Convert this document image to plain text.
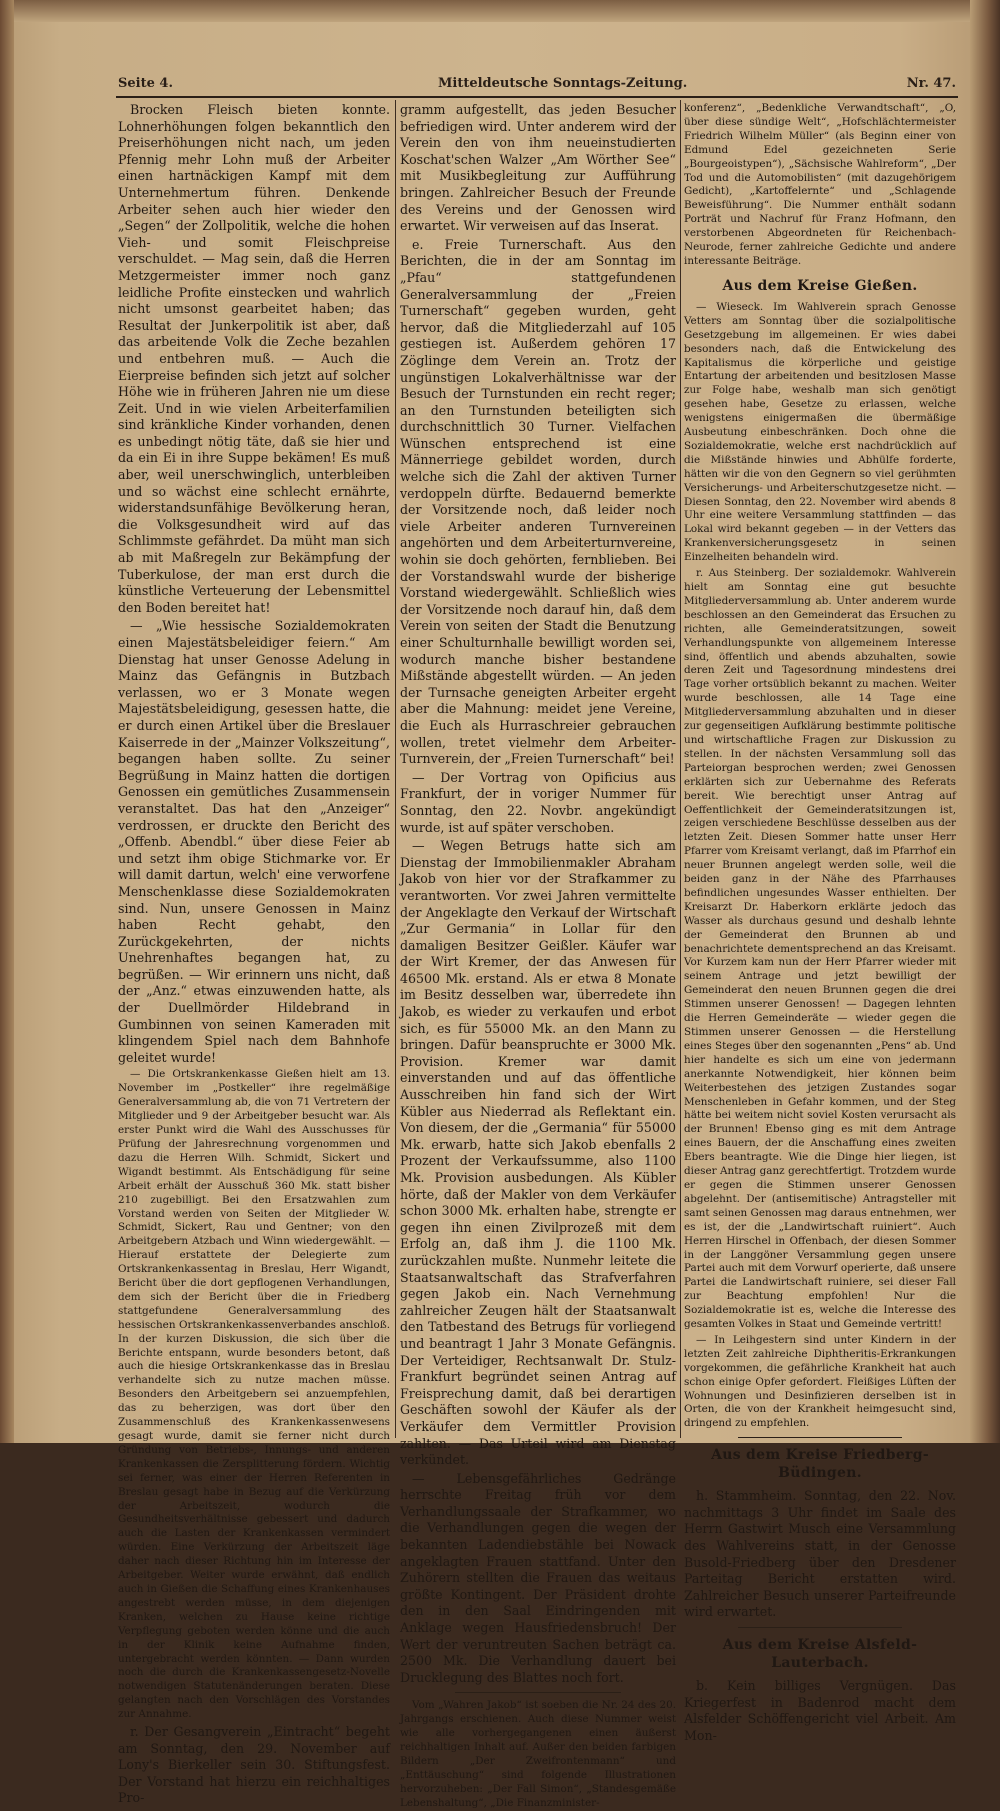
Seite 4.	Mitteldeutsche Sonntags-Zeitung.	Nr. 47.

Brocken Fleisch bieten konnte. Lohnerhöhungen folgen bekanntlich den Preiserhöhungen nicht nach, um jeden Pfennig mehr Lohn muß der Arbeiter einen hartnäckigen Kampf mit dem Unternehmertum führen. Denkende Arbeiter sehen auch hier wieder den „Segen“ der Zollpolitik, welche die hohen Vieh- und somit Fleischpreise verschuldet. — Mag sein, daß die Herren Metzgermeister immer noch ganz leidliche Profite einstecken und wahrlich nicht umsonst gearbeitet haben; das Resultat der Junkerpolitik ist aber, daß das arbeitende Volk die Zeche bezahlen und entbehren muß. — Auch die Eierpreise befinden sich jetzt auf solcher Höhe wie in früheren Jahren nie um diese Zeit. Und in wie vielen Arbeiterfamilien sind kränkliche Kinder vorhanden, denen es unbedingt nötig täte, daß sie hier und da ein Ei in ihre Suppe bekämen! Es muß aber, weil unerschwinglich, unterbleiben und so wächst eine schlecht ernährte, widerstandsunfähige Bevölkerung heran, die Volksgesundheit wird auf das Schlimmste gefährdet. Da müht man sich ab mit Maßregeln zur Bekämpfung der Tuberkulose, der man erst durch die künstliche Verteuerung der Lebensmittel den Boden bereitet hat!

— „Wie hessische Sozialdemokraten einen Majestätsbeleidiger feiern.“ Am Dienstag hat unser Genosse Adelung in Mainz das Gefängnis in Butzbach verlassen, wo er 3 Monate wegen Majestätsbeleidigung, gesessen hatte, die er durch einen Artikel über die Breslauer Kaiserrede in der „Mainzer Volkszeitung“, begangen haben sollte. Zu seiner Begrüßung in Mainz hatten die dortigen Genossen ein gemütliches Zusammensein veranstaltet. Das hat den „Anzeiger“ verdrossen, er druckte den Bericht des „Offenb. Abendbl.“ über diese Feier ab und setzt ihm obige Stichmarke vor. Er will damit dartun, welch' eine verworfene Menschenklasse diese Sozialdemokraten sind. Nun, unsere Genossen in Mainz haben Recht gehabt, den Zurückgekehrten, der nichts Unehrenhaftes begangen hat, zu begrüßen. — Wir erinnern uns nicht, daß der „Anz.“ etwas einzuwenden hatte, als der Duellmörder Hildebrand in Gumbinnen von seinen Kameraden mit klingendem Spiel nach dem Bahnhofe geleitet wurde!

— Die Ortskrankenkasse Gießen hielt am 13. November im „Postkeller“ ihre regelmäßige Generalversammlung ab, die von 71 Vertretern der Mitglieder und 9 der Arbeitgeber besucht war. Als erster Punkt wird die Wahl des Ausschusses für Prüfung der Jahresrechnung vorgenommen und dazu die Herren Wilh. Schmidt, Sickert und Wigandt bestimmt. Als Entschädigung für seine Arbeit erhält der Ausschuß 360 Mk. statt bisher 210 zugebilligt. Bei den Ersatzwahlen zum Vorstand werden von Seiten der Mitglieder W. Schmidt, Sickert, Rau und Gentner; von den Arbeitgebern Atzbach und Winn wiedergewählt. — Hierauf erstattete der Delegierte zum Ortskrankenkassentag in Breslau, Herr Wigandt, Bericht über die dort gepflogenen Verhandlungen, dem sich der Bericht über die in Friedberg stattgefundene Generalversammlung des hessischen Ortskrankenkassenverbandes anschloß. In der kurzen Diskussion, die sich über die Berichte entspann, wurde besonders betont, daß auch die hiesige Ortskrankenkasse das in Breslau verhandelte sich zu nutze machen müsse. Besonders den Arbeitgebern sei anzuempfehlen, das zu beherzigen, was dort über den Zusammenschluß des Krankenkassenwesens gesagt wurde, damit sie ferner nicht durch Gründung von Betriebs-, Innungs- und anderen Krankenkassen die Zersplitterung fördern. Wichtig sei ferner, was einer der Herren Referenten in Breslau gesagt habe in Bezug auf die Verkürzung der Arbeitszeit, wodurch die Gesundheitsverhältnisse gebessert und dadurch auch die Lasten der Krankenkassen vermindert würden. Eine Verkürzung der Arbeitszeit läge daher nach dieser Richtung hin im Interesse der Arbeitgeber. Weiter wurde erwähnt, daß endlich auch in Gießen die Schaffung eines Krankenhauses angestrebt werden müsse, in dem diejenigen Kranken, welchen zu Hause keine richtige Verpflegung geboten werden könne und die auch in der Klinik keine Aufnahme finden, untergebracht werden könnten. — Dann wurden noch die durch die Krankenkassengesetz-Novelle notwendigen Statutenänderungen beraten. Diese gelangten nach den Vorschlägen des Vorstandes zur Annahme.

r. Der Gesangverein „Eintracht“ begeht am Sonntag, den 29. November auf Lony's Bierkeller sein 30. Stiftungsfest. Der Vorstand hat hierzu ein reichhaltiges Pro-

gramm aufgestellt, das jeden Besucher befriedigen wird. Unter anderem wird der Verein den von ihm neueinstudierten Koschat'schen Walzer „Am Wörther See“ mit Musikbegleitung zur Aufführung bringen. Zahlreicher Besuch der Freunde des Vereins und der Genossen wird erwartet. Wir verweisen auf das Inserat.

e. Freie Turnerschaft. Aus den Berichten, die in der am Sonntag im „Pfau“ stattgefundenen Generalversammlung der „Freien Turnerschaft“ gegeben wurden, geht hervor, daß die Mitgliederzahl auf 105 gestiegen ist. Außerdem gehören 17 Zöglinge dem Verein an. Trotz der ungünstigen Lokalverhältnisse war der Besuch der Turnstunden ein recht reger; an den Turnstunden beteiligten sich durchschnittlich 30 Turner. Vielfachen Wünschen entsprechend ist eine Männerriege gebildet worden, durch welche sich die Zahl der aktiven Turner verdoppeln dürfte. Bedauernd bemerkte der Vorsitzende noch, daß leider noch viele Arbeiter anderen Turnvereinen angehörten und dem Arbeiterturnvereine, wohin sie doch gehörten, fernblieben. Bei der Vorstandswahl wurde der bisherige Vorstand wiedergewählt. Schließlich wies der Vorsitzende noch darauf hin, daß dem Verein von seiten der Stadt die Benutzung einer Schulturnhalle bewilligt worden sei, wodurch manche bisher bestandene Mißstände abgestellt würden. — An jeden der Turnsache geneigten Arbeiter ergeht aber die Mahnung: meidet jene Vereine, die Euch als Hurraschreier gebrauchen wollen, tretet vielmehr dem Arbeiter-Turnverein, der „Freien Turnerschaft“ bei!

— Der Vortrag von Opificius aus Frankfurt, der in voriger Nummer für Sonntag, den 22. Novbr. angekündigt wurde, ist auf später verschoben.

— Wegen Betrugs hatte sich am Dienstag der Immobilienmakler Abraham Jakob von hier vor der Strafkammer zu verantworten. Vor zwei Jahren vermittelte der Angeklagte den Verkauf der Wirtschaft „Zur Germania“ in Lollar für den damaligen Besitzer Geißler. Käufer war der Wirt Kremer, der das Anwesen für 46500 Mk. erstand. Als er etwa 8 Monate im Besitz desselben war, überredete ihn Jakob, es wieder zu verkaufen und erbot sich, es für 55000 Mk. an den Mann zu bringen. Dafür beanspruchte er 3000 Mk. Provision. Kremer war damit einverstanden und auf das öffentliche Ausschreiben hin fand sich der Wirt Kübler aus Niederrad als Reflektant ein. Von diesem, der die „Germania“ für 55000 Mk. erwarb, hatte sich Jakob ebenfalls 2 Prozent der Verkaufssumme, also 1100 Mk. Provision ausbedungen. Als Kübler hörte, daß der Makler von dem Verkäufer schon 3000 Mk. erhalten habe, strengte er gegen ihn einen Zivilprozeß mit dem Erfolg an, daß ihm J. die 1100 Mk. zurückzahlen mußte. Nunmehr leitete die Staatsanwaltschaft das Strafverfahren gegen Jakob ein. Nach Vernehmung zahlreicher Zeugen hält der Staatsanwalt den Tatbestand des Betrugs für vorliegend und beantragt 1 Jahr 3 Monate Gefängnis. Der Verteidiger, Rechtsanwalt Dr. Stulz-Frankfurt begründet seinen Antrag auf Freisprechung damit, daß bei derartigen Geschäften sowohl der Käufer als der Verkäufer dem Vermittler Provision zahlten. — Das Urteil wird am Dienstag verkündet.

— Lebensgefährliches Gedränge herrschte Freitag früh vor dem Verhandlungssaale der Strafkammer, wo die Verhandlungen gegen die wegen der bekannten Ladendiebstähle bei Nowack angeklagten Frauen stattfand. Unter den Zuhörern stellten die Frauen das weitaus größte Kontingent. Der Präsident drohte den in den Saal Eindringenden mit Anklage wegen Hausfriedensbruch! Der Wert der veruntreuten Sachen beträgt ca. 2500 Mk. Die Verhandlung dauert bei Drucklegung des Blattes noch fort.

Vom „Wahren Jakob“ ist soeben die Nr. 24 des 20. Jahrgangs erschienen. Auch diese Nummer weist wie alle vorhergegangenen einen äußerst reichhaltigen Inhalt auf. Außer den beiden farbigen Bildern „Der Zweifrontenmann“ und „Enttäuschung“ sind folgende Illustrationen hervorzuheben: „Der Fall Simon“, „Standesgemäße Lebenshaltung“, „Die Finanzminister-

konferenz“, „Bedenkliche Verwandtschaft“, „O, über diese sündige Welt“, „Hofschlächtermeister Friedrich Wilhelm Müller“ (als Beginn einer von Edmund Edel gezeichneten Serie „Bourgeoistypen“), „Sächsische Wahlreform“, „Der Tod und die Automobilisten“ (mit dazugehörigem Gedicht), „Kartoffelernte“ und „Schlagende Beweisführung“. Die Nummer enthält sodann Porträt und Nachruf für Franz Hofmann, den verstorbenen Abgeordneten für Reichenbach-Neurode, ferner zahlreiche Gedichte und andere interessante Beiträge.

Aus dem Kreise Gießen.

— Wieseck. Im Wahlverein sprach Genosse Vetters am Sonntag über die sozialpolitische Gesetzgebung im allgemeinen. Er wies dabei besonders nach, daß die Entwickelung des Kapitalismus die körperliche und geistige Entartung der arbeitenden und besitzlosen Masse zur Folge habe, weshalb man sich genötigt gesehen habe, Gesetze zu erlassen, welche wenigstens einigermaßen die übermäßige Ausbeutung einbeschränken. Doch ohne die Sozialdemokratie, welche erst nachdrücklich auf die Mißstände hinwies und Abhülfe forderte, hätten wir die von den Gegnern so viel gerühmten Versicherungs- und Arbeiterschutzgesetze nicht. — Diesen Sonntag, den 22. November wird abends 8 Uhr eine weitere Versammlung stattfinden — das Lokal wird bekannt gegeben — in der Vetters das Krankenversicherungsgesetz in seinen Einzelheiten behandeln wird.

r. Aus Steinberg. Der sozialdemokr. Wahlverein hielt am Sonntag eine gut besuchte Mitgliederversammlung ab. Unter anderem wurde beschlossen an den Gemeinderat das Ersuchen zu richten, alle Gemeinderatsitzungen, soweit Verhandlungspunkte von allgemeinem Interesse sind, öffentlich und abends abzuhalten, sowie deren Zeit und Tagesordnung mindestens drei Tage vorher ortsüblich bekannt zu machen. Weiter wurde beschlossen, alle 14 Tage eine Mitgliederversammlung abzuhalten und in dieser zur gegenseitigen Aufklärung bestimmte politische und wirtschaftliche Fragen zur Diskussion zu stellen. In der nächsten Versammlung soll das Parteiorgan besprochen werden; zwei Genossen erklärten sich zur Uebernahme des Referats bereit. Wie berechtigt unser Antrag auf Oeffentlichkeit der Gemeinderatsitzungen ist, zeigen verschiedene Beschlüsse desselben aus der letzten Zeit. Diesen Sommer hatte unser Herr Pfarrer vom Kreisamt verlangt, daß im Pfarrhof ein neuer Brunnen angelegt werden solle, weil die beiden ganz in der Nähe des Pfarrhauses befindlichen ungesundes Wasser enthielten. Der Kreisarzt Dr. Haberkorn erklärte jedoch das Wasser als durchaus gesund und deshalb lehnte der Gemeinderat den Brunnen ab und benachrichtete dementsprechend an das Kreisamt. Vor Kurzem kam nun der Herr Pfarrer wieder mit seinem Antrage und jetzt bewilligt der Gemeinderat den neuen Brunnen gegen die drei Stimmen unserer Genossen! — Dagegen lehnten die Herren Gemeinderäte — wieder gegen die Stimmen unserer Genossen — die Herstellung eines Steges über den sogenannten „Pens“ ab. Und hier handelte es sich um eine von jedermann anerkannte Notwendigkeit, hier können beim Weiterbestehen des jetzigen Zustandes sogar Menschenleben in Gefahr kommen, und der Steg hätte bei weitem nicht soviel Kosten verursacht als der Brunnen! Ebenso ging es mit dem Antrage eines Bauern, der die Anschaffung eines zweiten Ebers beantragte. Wie die Dinge hier liegen, ist dieser Antrag ganz gerechtfertigt. Trotzdem wurde er gegen die Stimmen unserer Genossen abgelehnt. Der (antisemitische) Antragsteller mit samt seinen Genossen mag daraus entnehmen, wer es ist, der die „Landwirtschaft ruiniert“. Auch Herren Hirschel in Offenbach, der diesen Sommer in der Langgöner Versammlung gegen unsere Partei auch mit dem Vorwurf operierte, daß unsere Partei die Landwirtschaft ruiniere, sei dieser Fall zur Beachtung empfohlen! Nur die Sozialdemokratie ist es, welche die Interesse des gesamten Volkes in Staat und Gemeinde vertritt!

— In Leihgestern sind unter Kindern in der letzten Zeit zahlreiche Diphtheritis-Erkrankungen vorgekommen, die gefährliche Krankheit hat auch schon einige Opfer gefordert. Fleißiges Lüften der Wohnungen und Desinfizieren derselben ist in Orten, die von der Krankheit heimgesucht sind, dringend zu empfehlen.

Aus dem Kreise Friedberg-Büdingen.

h. Stammheim. Sonntag, den 22. Nov. nachmittags 3 Uhr findet im Saale des Herrn Gastwirt Musch eine Versammlung des Wahlvereins statt, in der Genosse Busold-Friedberg über den Dresdener Parteitag Bericht erstatten wird. Zahlreicher Besuch unserer Parteifreunde wird erwartet.

Aus dem Kreise Alsfeld-Lauterbach.

b. Kein billiges Vergnügen. Das Kriegerfest in Badenrod macht dem Alsfelder Schöffengericht viel Arbeit. Am Mon-
